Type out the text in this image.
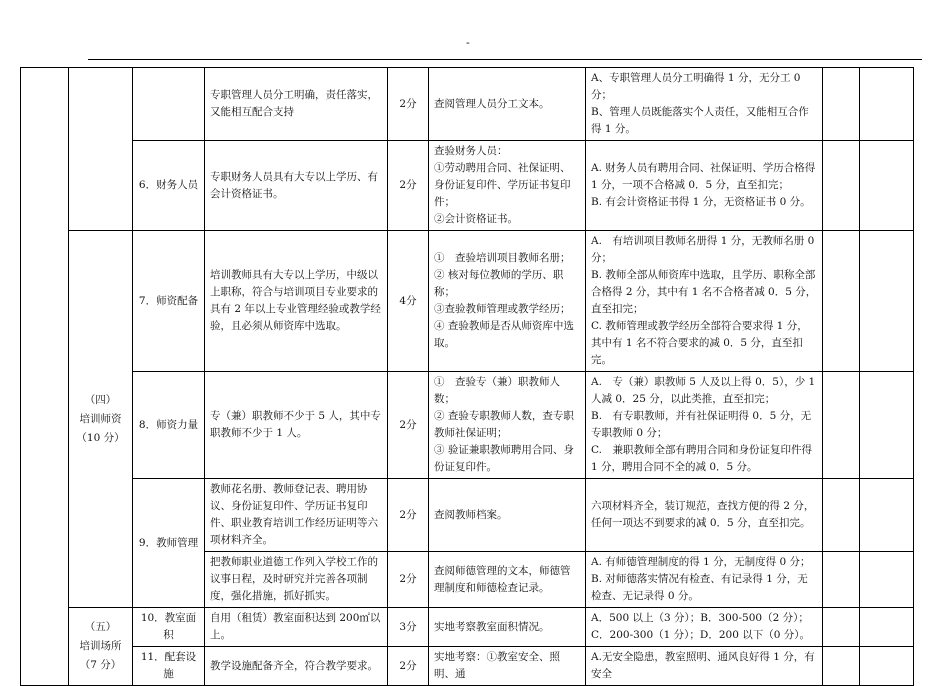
-
			专职管理人员分工明确，责任落实，又能相互配合支持	2分	查阅管理人员分工文本。	A、专职管理人员分工明确得 1 分，无分工 0 分；
B、管理人员既能落实个人责任，又能相互合作得 1 分。		

		6．财务人员	专职财务人员具有大专以上学历、有会计资格证书。	2分	查验财务人员：
①劳动聘用合同、社保证明、身份证复印件、学历证书复印件；
②会计资格证书。	A. 财务人员有聘用合同、社保证明、学历合格得 1 分，一项不合格减 0．5 分，直至扣完；
B. 有会计资格证书得 1 分，无资格证书 0 分。		

	（四）
培训师资
（10 分）	7．师资配备	培训教师具有大专以上学历，中级以上职称，符合与培训项目专业要求的具有 2 年以上专业管理经验或教学经验，且必须从师资库中选取。	4分	①　查验培训项目教师名册；
② 核对每位教师的学历、职称；
③查验教师管理或教学经历；
④ 查验教师是否从师资库中选取。	A.　有培训项目教师名册得 1 分，无教师名册 0 分；
B. 教师全部从师资库中选取，且学历、职称全部合格得 2 分，其中有 1 名不合格者减 0．5 分，直至扣完；
C. 教师管理或教学经历全部符合要求得 1 分，其中有 1 名不符合要求的减 0．5 分，直至扣完。		

		8．师资力量	专（兼）职教师不少于 5 人，其中专职教师不少于 1 人。	2分	①　查验专（兼）职教师人数；
② 查验专职教师人数，查专职教师社保证明；
③ 验证兼职教师聘用合同、身份证复印件。	A.　专（兼）职教师 5 人及以上得 0．5），少 1 人减 0．25 分，以此类推，直至扣完；
B.　有专职教师，并有社保证明得 0．5 分，无专职教师 0 分；
C.　兼职教师全部有聘用合同和身份证复印件得 1 分，聘用合同不全的减 0．5 分。		

		9．教师管理	教师花名册、教师登记表、聘用协议、身份证复印件、学历证书复印件、职业教育培训工作经历证明等六项材料齐全。	2分	查阅教师档案。	六项材料齐全，装订规范，查找方便的得 2 分，任何一项达不到要求的减 0．5 分，直至扣完。		

			把教师职业道德工作列入学校工作的议事日程，及时研究并完善各项制度，强化措施，抓好抓实。	2分	查阅师德管理的文本，师德管理制度和师德检查记录。	A. 有师德管理制度的得 1 分，无制度得 0 分；
B. 对师德落实情况有检查、有记录得 1 分，无检查、无记录得 0 分。		

	（五）
培训场所
（7 分）	10．教室面积	自用（租赁）教室面积达到 200㎡以上。	3分	实地考察教室面积情况。	A．500 以上（3 分）；B．300-500（2 分）；
C．200-300（1 分）；D．200 以下（0 分）。		

		11．配套设施	教学设施配备齐全，符合教学要求。	2分	实地考察：①教室安全、照明、通	A.无安全隐患，教室照明、通风良好得 1 分，有安全		
